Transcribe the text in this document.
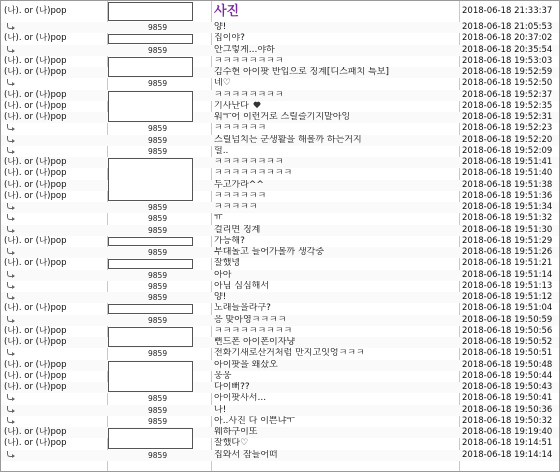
(나). or (나)pop	사진	2018-06-18 21:33:37
9859	양!	2018-06-18 21:05:53
(나). or (나)pop	집이야?	2018-06-18 20:37:02
9859	안그렇게...야하	2018-06-18 20:35:54
(나). or (나)pop	ㅋㅋㅋㅋㅋㅋㅋㅋ	2018-06-18 19:53:03
(나). or (나)pop	김수현 아이팟 반입으로 징계[디스패치 특보]	2018-06-18 19:52:59
9859	네♡	2018-06-18 19:52:50
(나). or (나)pop	ㅋㅋㅋㅋㅋㅋㅋㅋ	2018-06-18 19:52:37
(나). or (나)pop	기사난다	2018-06-18 19:52:35
(나). or (나)pop	워ㅜ어 이런거로 스릴즐기지말아잉	2018-06-18 19:52:31
9859	ㅋㅋㅋㅋㅋㅋ	2018-06-18 19:52:23
9859	스릴넘치는 군생활을 해볼까 하는거지	2018-06-18 19:52:20
9859	헐..	2018-06-18 19:52:09
(나). or (나)pop	ㅋㅋㅋㅋㅋㅋㅋㅋ	2018-06-18 19:51:41
(나). or (나)pop	ㅋㅋㅋㅋㅋㅋㅋㅋㅋ	2018-06-18 19:51:40
(나). or (나)pop	두고가라^^	2018-06-18 19:51:38
(나). or (나)pop	ㅋㅋㅋㅋㅋㅋ	2018-06-18 19:51:36
9859	ㅋㅋㅋㅋㅋ	2018-06-18 19:51:34
9859	ㅠ	2018-06-18 19:51:32
9859	걸리면 징계	2018-06-18 19:51:30
(나). or (나)pop	가능해?	2018-06-18 19:51:29
9859	부대돌고 들어가볼까 생각중	2018-06-18 19:51:26
(나). or (나)pop	잘했넹	2018-06-18 19:51:21
9859	아아	2018-06-18 19:51:14
9859	아님 심심해서	2018-06-18 19:51:13
9859	양!	2018-06-18 19:51:12
(나). or (나)pop	노래들을라구?	2018-06-18 19:51:04
9859	응 맞아영ㅋㅋㅋㅋ	2018-06-18 19:50:59
(나). or (나)pop	ㅋㅋㅋㅋㅋㅋㅋㅋㅋ	2018-06-18 19:50:56
(나). or (나)pop	뻔드폰 아이폰이자냥	2018-06-18 19:50:52
9859	전화기새로산거처럼 만지고잇엉ㅋㅋㅋ	2018-06-18 19:50:51
(나). or (나)pop	아이팟을 왜샀오	2018-06-18 19:50:48
(나). or (나)pop	웅웅	2018-06-18 19:50:44
(나). or (나)pop	다이뻐??	2018-06-18 19:50:43
9859	아이팟사서...	2018-06-18 19:50:41
9859	나!	2018-06-18 19:50:36
9859	아..사진 다 이쁜냐ㅜ	2018-06-18 19:50:32
(나). or (나)pop	웨하구이또	2018-06-18 19:19:40
(나). or (나)pop	잘했다♡	2018-06-18 19:14:51
9859	집와서 잠들어떠	2018-06-18 19:14:14
